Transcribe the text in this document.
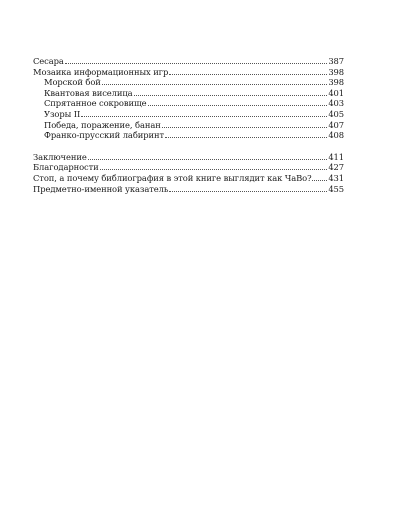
Сесара	387
Мозаика информационных игр	398
Морской бой	398
Квантовая виселица	401
Спрятанное сокровище	403
Узоры II	405
Победа, поражение, банан	407
Франко-прусский лабиринт	408
Заключение	411
Благодарности	427
Стоп, а почему библиография в этой книге выглядит как ЧаВо? 431
Предметно-именной указатель	455
